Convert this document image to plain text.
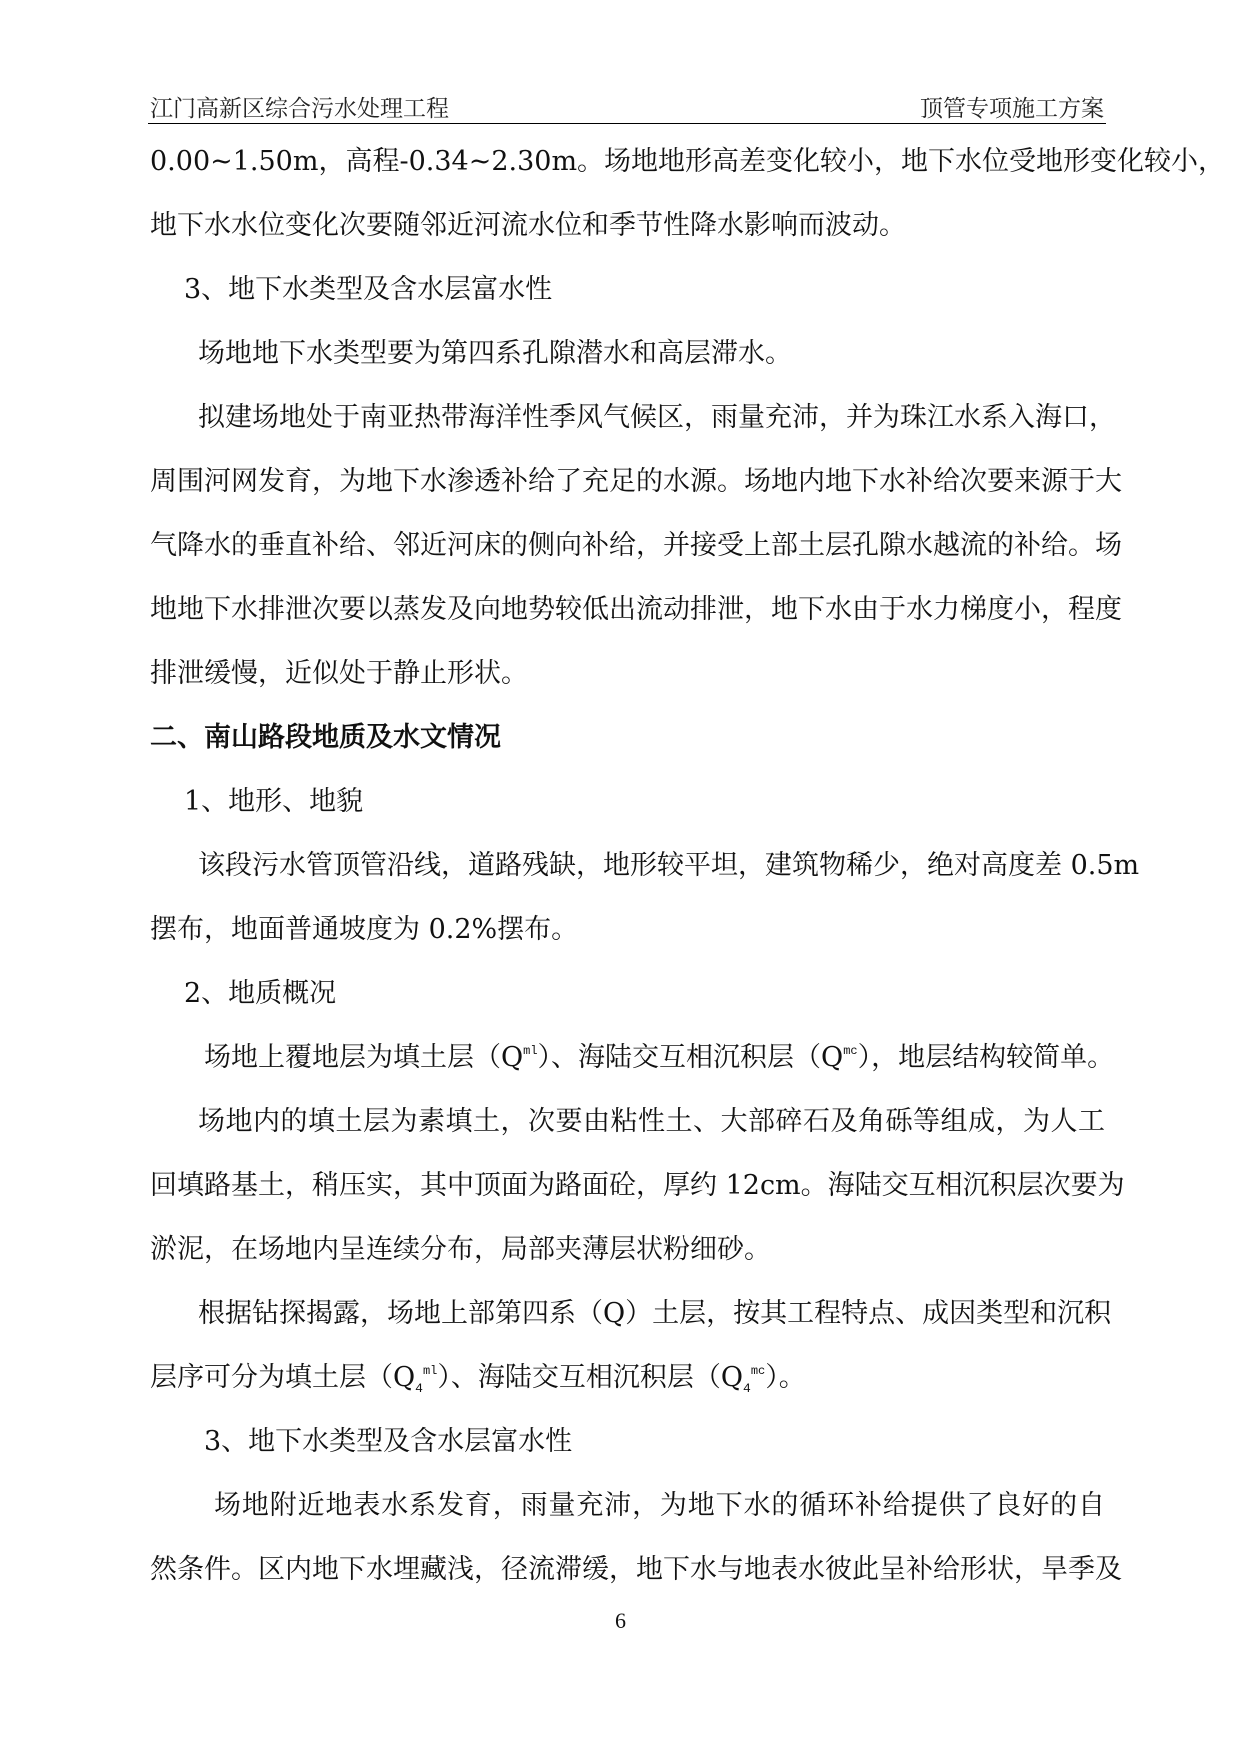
江门高新区综合污水处理工程	顶管专项施工方案
0.00~1.50m，高程-0.34~2.30m。场地地形高差变化较小，地下水位受地形变化较小，
地下水水位变化次要随邻近河流水位和季节性降水影响而波动。
3、地下水类型及含水层富水性
场地地下水类型要为第四系孔隙潜水和高层滞水。
拟建场地处于南亚热带海洋性季风气候区，雨量充沛，并为珠江水系入海口，
周围河网发育，为地下水渗透补给了充足的水源。场地内地下水补给次要来源于大
气降水的垂直补给、邻近河床的侧向补给，并接受上部土层孔隙水越流的补给。场
地地下水排泄次要以蒸发及向地势较低出流动排泄，地下水由于水力梯度小，程度
排泄缓慢，近似处于静止形状。
二、南山路段地质及水文情况
1、地形、地貌
该段污水管顶管沿线，道路残缺，地形较平坦，建筑物稀少，绝对高度差 0.5m
摆布，地面普通坡度为 0.2%摆布。
2、地质概况
场地上覆地层为填土层$(Q^{ml})$、海陆交互相沉积层$(Q^{mc})$，地层结构较简单。
场地内的填土层为素填土，次要由粘性土、大部碎石及角砾等组成，为人工
回填路基土，稍压实，其中顶面为路面砼，厚约 12cm。海陆交互相沉积层次要为
淤泥，在场地内呈连续分布，局部夹薄层状粉细砂。
根据钻探揭露，场地上部第四系（Q）土层，按其工程特点、成因类型和沉积
层序可分为填土层$(Q_4^{ml})$、海陆交互相沉积层$(Q_4^{mc})$。
3、地下水类型及含水层富水性
场地附近地表水系发育，雨量充沛，为地下水的循环补给提供了良好的自
然条件。区内地下水埋藏浅，径流滞缓，地下水与地表水彼此呈补给形状，旱季及
6
